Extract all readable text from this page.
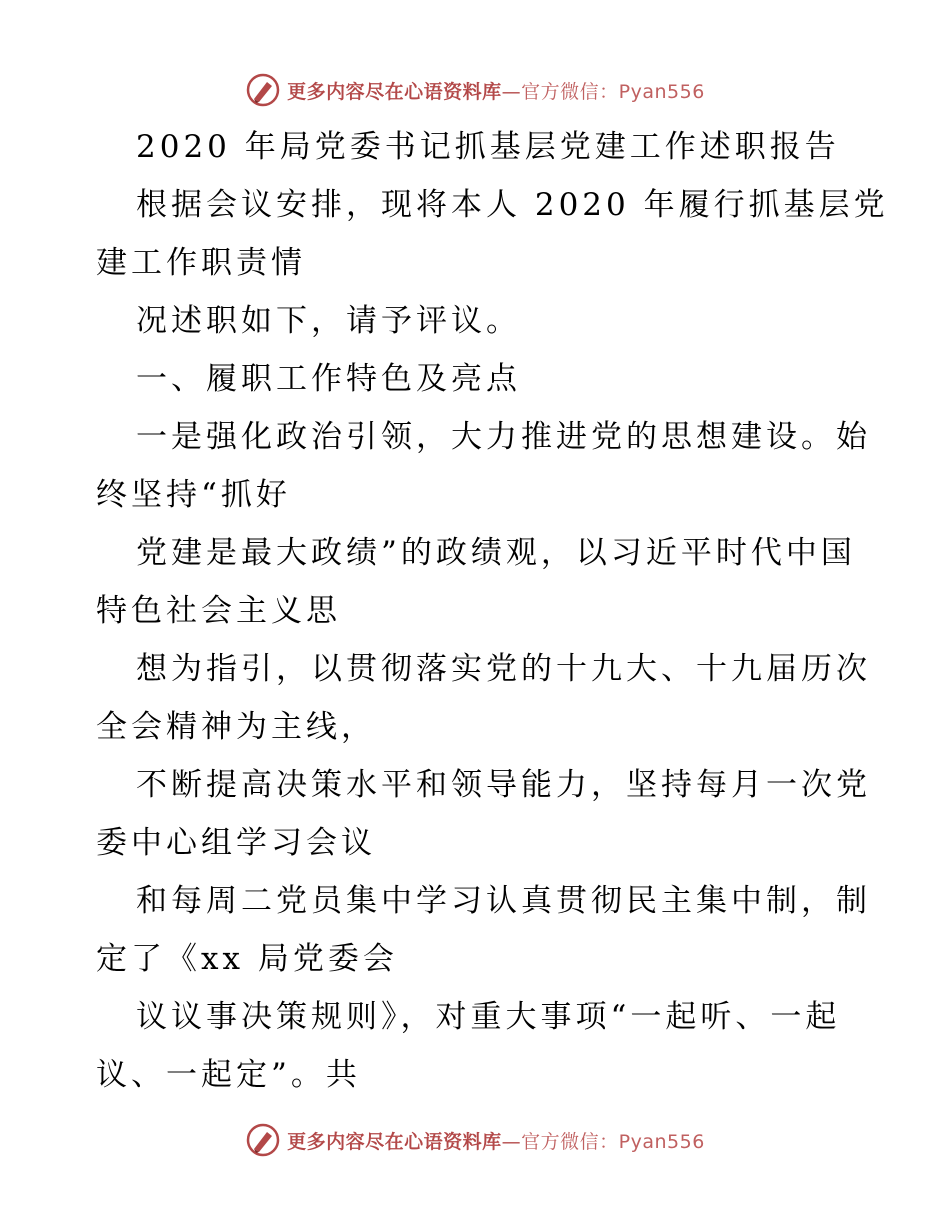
更多内容尽在心语资料库—官方微信：Pyan556
2020 年局党委书记抓基层党建工作述职报告
根据会议安排，现将本人 2020 年履行抓基层党
建工作职责情
况述职如下，请予评议。
一、履职工作特色及亮点
一是强化政治引领，大力推进党的思想建设。始
终坚持“抓好
党建是最大政绩”的政绩观，以习近平时代中国
特色社会主义思
想为指引，以贯彻落实党的十九大、十九届历次
全会精神为主线，
不断提高决策水平和领导能力，坚持每月一次党
委中心组学习会议
和每周二党员集中学习认真贯彻民主集中制，制
定了《xx 局党委会
议议事决策规则》，对重大事项“一起听、一起
议、一起定”。共
更多内容尽在心语资料库—官方微信：Pyan556
